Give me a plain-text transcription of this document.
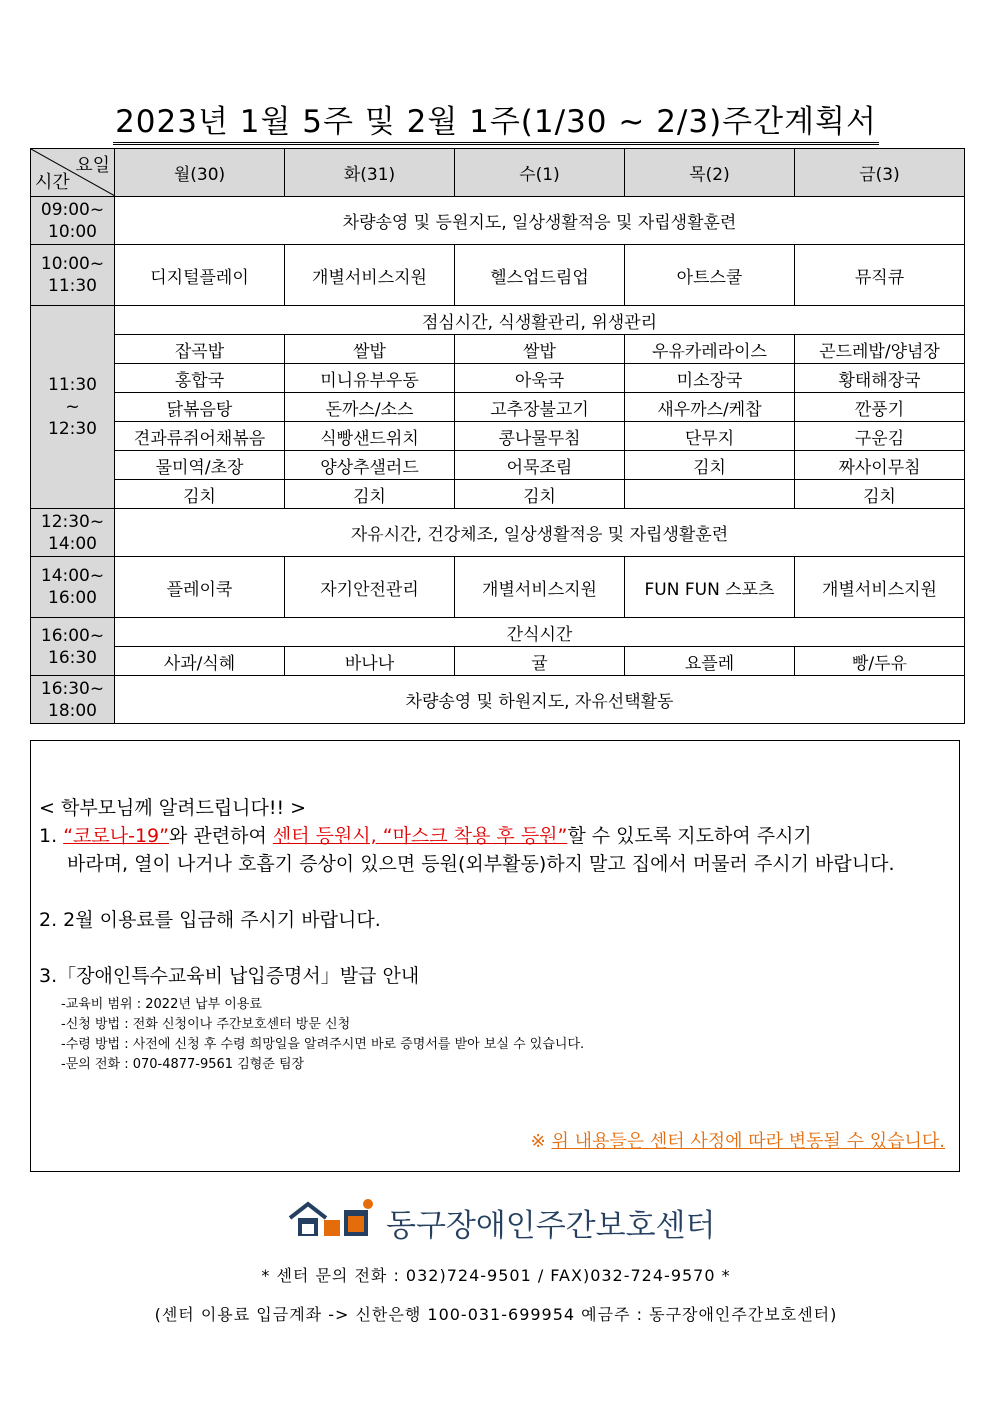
2023년 1월 5주 및 2월 1주(1/30 ~ 2/3)주간계획서
요일
시간	월(30)	화(31)	수(1)	목(2)	금(3)
09:00~
10:00	차량송영 및 등원지도, 일상생활적응 및 자립생활훈련				
10:00~
11:30	디지털플레이	개별서비스지원	헬스업드림업	아트스쿨	뮤직큐
11:30
~
12:30	점심시간, 식생활관리, 위생관리				
	잡곡밥	쌀밥	쌀밥	우유카레라이스	곤드레밥/양념장
	홍합국	미니유부우동	아욱국	미소장국	황태해장국
	닭볶음탕	돈까스/소스	고추장불고기	새우까스/케찹	깐풍기
	견과류쥐어채볶음	식빵샌드위치	콩나물무침	단무지	구운김
	물미역/초장	양상추샐러드	어묵조림	김치	짜사이무침
	김치	김치	김치		김치
12:30~
14:00	자유시간, 건강체조, 일상생활적응 및 자립생활훈련				
14:00~
16:00	플레이쿡	자기안전관리	개별서비스지원	FUN FUN 스포츠	개별서비스지원
16:00~
16:30	간식시간				
	사과/식혜	바나나	귤	요플레	빵/두유
16:30~
18:00	차량송영 및 하원지도, 자유선택활동				
< 학부모님께 알려드립니다!! >
1. “코로나-19”와 관련하여 센터 등원시, “마스크 착용 후 등원”할 수 있도록 지도하여 주시기
바라며, 열이 나거나 호흡기 증상이 있으면 등원(외부활동)하지 말고 집에서 머물러 주시기 바랍니다.
2. 2월 이용료를 입금해 주시기 바랍니다.
3.「장애인특수교육비 납입증명서」발급 안내
-교육비 범위 : 2022년 납부 이용료
-신청 방법 : 전화 신청이나 주간보호센터 방문 신청
-수령 방법 : 사전에 신청 후 수령 희망일을 알려주시면 바로 증명서를 받아 보실 수 있습니다.
-문의 전화 : 070-4877-9561 김형준 팀장
※ 위 내용들은 센터 사정에 따라 변동될 수 있습니다.
동구장애인주간보호센터
* 센터 문의 전화 : 032)724-9501 / FAX)032-724-9570 *
(센터 이용료 입금계좌 -> 신한은행 100-031-699954 예금주 : 동구장애인주간보호센터)
